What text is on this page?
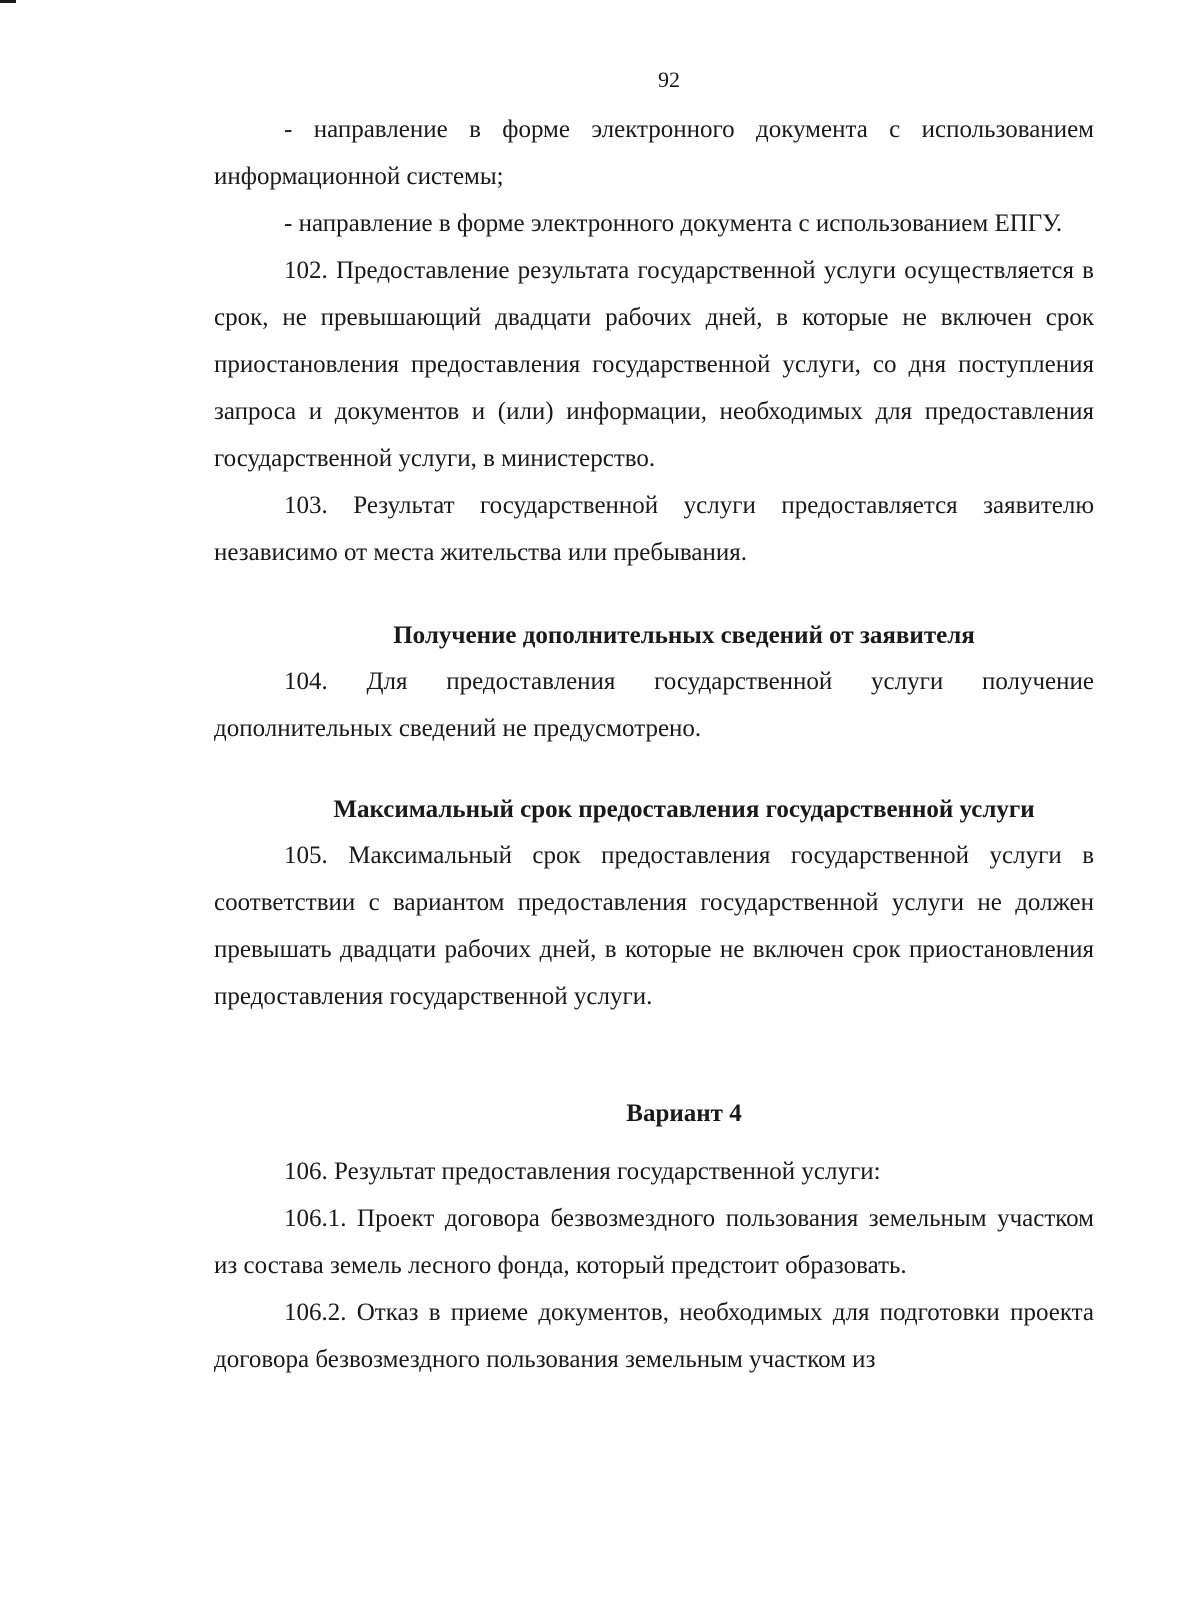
92

- направление в форме электронного документа с использованием информационной системы;

- направление в форме электронного документа с использованием ЕПГУ.

102. Предоставление результата государственной услуги осуществляется в срок, не превышающий двадцати рабочих дней, в которые не включен срок приостановления предоставления государственной услуги, со дня поступления запроса и документов и (или) информации, необходимых для предоставления государственной услуги, в министерство.

103. Результат государственной услуги предоставляется заявителю независимо от места жительства или пребывания.

Получение дополнительных сведений от заявителя

104. Для предоставления государственной услуги получение дополнительных сведений не предусмотрено.

Максимальный срок предоставления государственной услуги

105. Максимальный срок предоставления государственной услуги в соответствии с вариантом предоставления государственной услуги не должен превышать двадцати рабочих дней, в которые не включен срок приостановления предоставления государственной услуги.

Вариант 4

106. Результат предоставления государственной услуги:

106.1. Проект договора безвозмездного пользования земельным участком из состава земель лесного фонда, который предстоит образовать.

106.2. Отказ в приеме документов, необходимых для подготовки проекта договора безвозмездного пользования земельным участком из
